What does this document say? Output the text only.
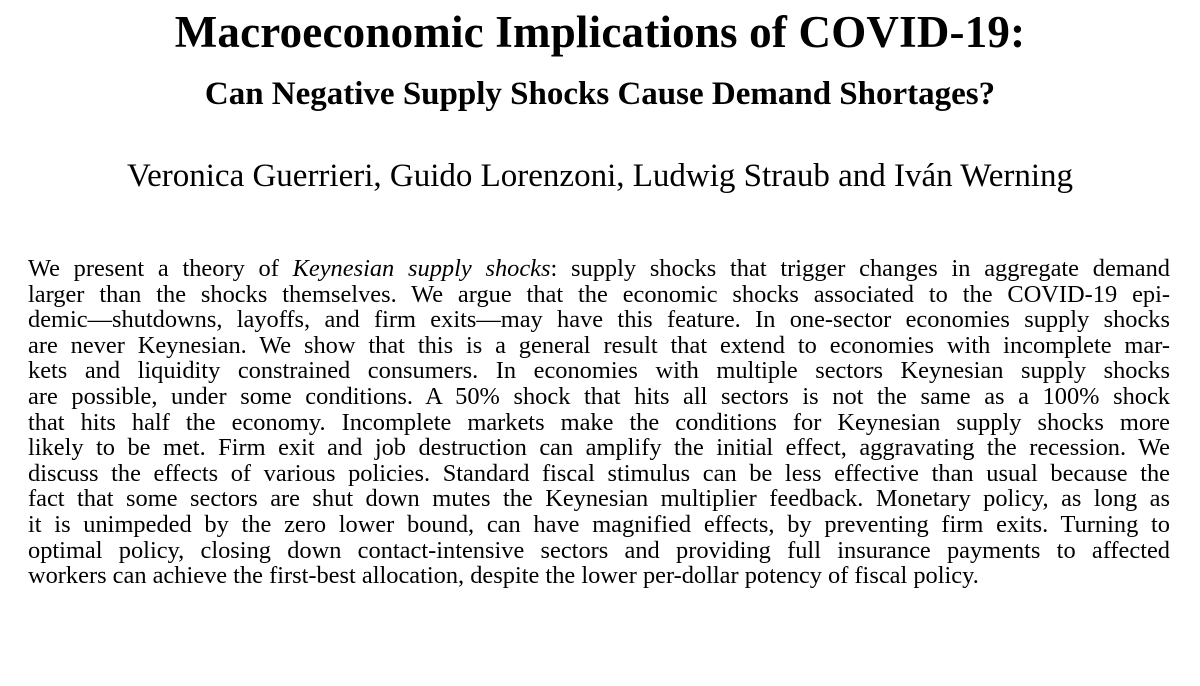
Macroeconomic Implications of COVID-19:
Can Negative Supply Shocks Cause Demand Shortages?

Veronica Guerrieri, Guido Lorenzoni, Ludwig Straub and Iván Werning

We present a theory of Keynesian supply shocks: supply shocks that trigger changes in aggregate demand
larger than the shocks themselves. We argue that the economic shocks associated to the COVID-19 epi-
demic—shutdowns, layoffs, and firm exits—may have this feature. In one-sector economies supply shocks
are never Keynesian. We show that this is a general result that extend to economies with incomplete mar-
kets and liquidity constrained consumers. In economies with multiple sectors Keynesian supply shocks
are possible, under some conditions. A 50% shock that hits all sectors is not the same as a 100% shock
that hits half the economy. Incomplete markets make the conditions for Keynesian supply shocks more
likely to be met. Firm exit and job destruction can amplify the initial effect, aggravating the recession. We
discuss the effects of various policies. Standard fiscal stimulus can be less effective than usual because the
fact that some sectors are shut down mutes the Keynesian multiplier feedback. Monetary policy, as long as
it is unimpeded by the zero lower bound, can have magnified effects, by preventing firm exits. Turning to
optimal policy, closing down contact-intensive sectors and providing full insurance payments to affected
workers can achieve the first-best allocation, despite the lower per-dollar potency of fiscal policy.
